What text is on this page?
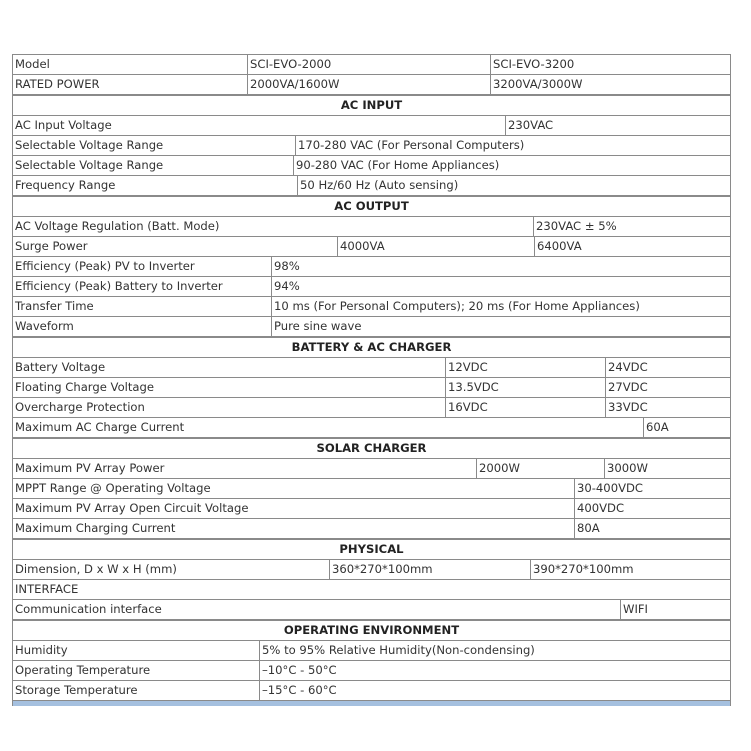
Model	SCI-EVO-2000	SCI-EVO-3200
RATED POWER	2000VA/1600W	3200VA/3000W
AC INPUT
AC Input Voltage	230VAC
Selectable Voltage Range	170-280 VAC (For Personal Computers)
Selectable Voltage Range	90-280 VAC (For Home Appliances)
Frequency Range	50 Hz/60 Hz (Auto sensing)
AC OUTPUT
AC Voltage Regulation (Batt. Mode)	230VAC ± 5%
Surge Power	4000VA	6400VA
Efficiency (Peak) PV to Inverter	98%
Efficiency (Peak) Battery to Inverter	94%
Transfer Time	10 ms (For Personal Computers); 20 ms (For Home Appliances)
Waveform	Pure sine wave
BATTERY & AC CHARGER
Battery Voltage	12VDC	24VDC
Floating Charge Voltage	13.5VDC	27VDC
Overcharge Protection	16VDC	33VDC
Maximum AC Charge Current	60A
SOLAR CHARGER
Maximum PV Array Power	2000W	3000W
MPPT Range @ Operating Voltage	30-400VDC
Maximum PV Array Open Circuit Voltage	400VDC
Maximum Charging Current	80A
PHYSICAL
Dimension, D x W x H (mm)	360*270*100mm	390*270*100mm
INTERFACE
Communication interface	WIFI
OPERATING ENVIRONMENT
Humidity	5% to 95% Relative Humidity(Non-condensing)
Operating Temperature	–10°C - 50°C
Storage Temperature	–15°C - 60°C
